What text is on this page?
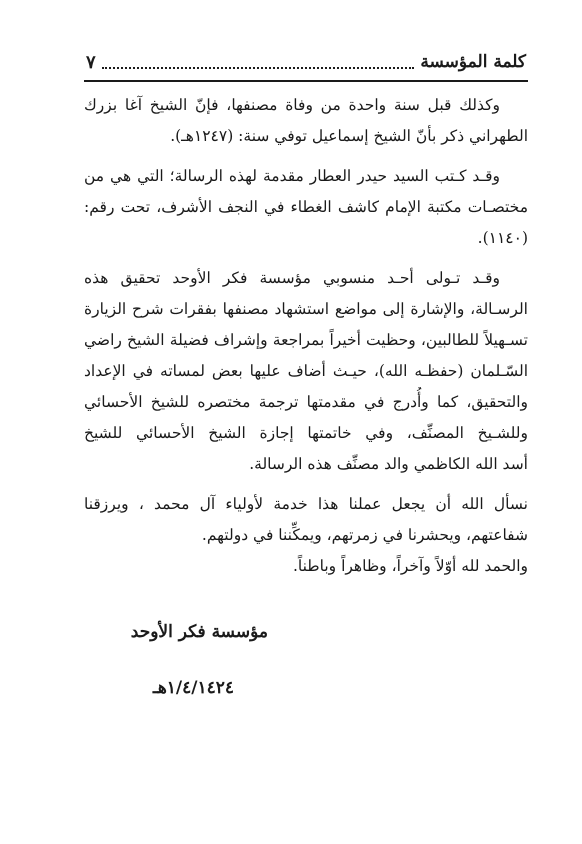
كلمة المؤسسة
٧
وكذلك قبل سنة واحدة من وفاة مصنفها، فإنّ الشيخ آغا بزرك
الطهراني ذكر بأنّ الشيخ إسماعيل توفي سنة: (١٢٤٧هـ).
وقـد كـتب السيد حيدر العطار مقدمة لهذه الرسالة؛ التي هي من
مختصـات مكتبة الإمام كاشف الغطاء في النجف الأشرف، تحت رقم:
(١١٤٠).
وقـد تـولى أحـد منسوبي مؤسسة فكر الأوحد تحقيق هذه
الرسـالة، والإشارة إلى مواضع استشهاد مصنفها بفقرات شرح الزيارة
تسـهيلاً للطالبين، وحظيت أخيراً بمراجعة وإشراف فضيلة الشيخ راضي
السّـلمان (حفظـه الله)، حيـث أضاف عليها بعض لمساته في الإعداد
والتحقيق، كما وأُدرج في مقدمتها ترجمة مختصره للشيخ الأحسائي
وللشـيخ المصنِّف، وفي خاتمتها إجازة الشيخ الأحسائي للشيخ
أسد الله الكاظمي والد مصنِّف هذه الرسالة.
نسأل الله أن يجعل عملنا هذا خدمة لأولياء آل محمد ، ويرزقنا
شفاعتهم، ويحشرنا في زمرتهم، ويمكِّننا في دولتهم.
والحمد لله أوّلاً وآخراً، وظاهراً وباطناً.
مؤسسة فكر الأوحد
١/٤/١٤٢٤هـ
